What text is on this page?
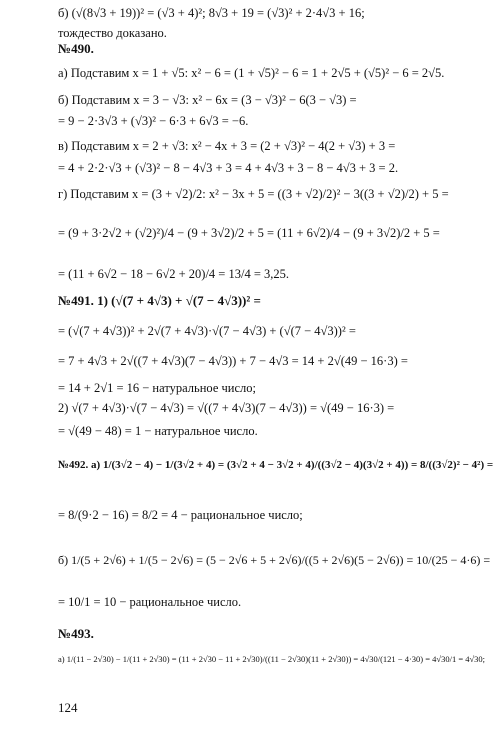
б) (√(8√3 + 19))² = (√3 + 4)²; 8√3 + 19 = (√3)² + 2·4√3 + 16;
тождество доказано.
№490.
а) Подставим x = 1 + √5: x² − 6 = (1 + √5)² − 6 = 1 + 2√5 + (√5)² − 6 = 2√5.
б) Подставим x = 3 − √3: x² − 6x = (3 − √3)² − 6(3 − √3) =
= 9 − 2·3√3 + (√3)² − 6·3 + 6√3 = −6.
в) Подставим x = 2 + √3: x² − 4x + 3 = (2 + √3)² − 4(2 + √3) + 3 =
= 4 + 2·2·√3 + (√3)² − 8 − 4√3 + 3 = 4 + 4√3 + 3 − 8 − 4√3 + 3 = 2.
г) Подставим x = (3 + √2)/2: x² − 3x + 5 = ((3 + √2)/2)² − 3((3 + √2)/2) + 5 =
= (9 + 3·2√2 + (√2)²)/4 − (9 + 3√2)/2 + 5 = (11 + 6√2)/4 − (9 + 3√2)/2 + 5 =
= (11 + 6√2 − 18 − 6√2 + 20)/4 = 13/4 = 3,25.
№491. 1) (√(7 + 4√3) + √(7 − 4√3))² =
= (√(7 + 4√3))² + 2√(7 + 4√3)·√(7 − 4√3) + (√(7 − 4√3))² =
= 7 + 4√3 + 2√((7 + 4√3)(7 − 4√3)) + 7 − 4√3 = 14 + 2√(49 − 16·3) =
= 14 + 2√1 = 16 − натуральное число;
2) √(7 + 4√3)·√(7 − 4√3) = √((7 + 4√3)(7 − 4√3)) = √(49 − 16·3) =
= √(49 − 48) = 1 − натуральное число.
№492. а) 1/(3√2 − 4) − 1/(3√2 + 4) = (3√2 + 4 − 3√2 + 4)/((3√2 − 4)(3√2 + 4)) = 8/((3√2)² − 4²) =
= 8/(9·2 − 16) = 8/2 = 4 − рациональное число;
б) 1/(5 + 2√6) + 1/(5 − 2√6) = (5 − 2√6 + 5 + 2√6)/((5 + 2√6)(5 − 2√6)) = 10/(25 − 4·6) =
= 10/1 = 10 − рациональное число.
№493.
а) 1/(11 − 2√30) − 1/(11 + 2√30) = (11 + 2√30 − 11 + 2√30)/((11 − 2√30)(11 + 2√30)) = 4√30/(121 − 4·30) = 4√30/1 = 4√30;
124
